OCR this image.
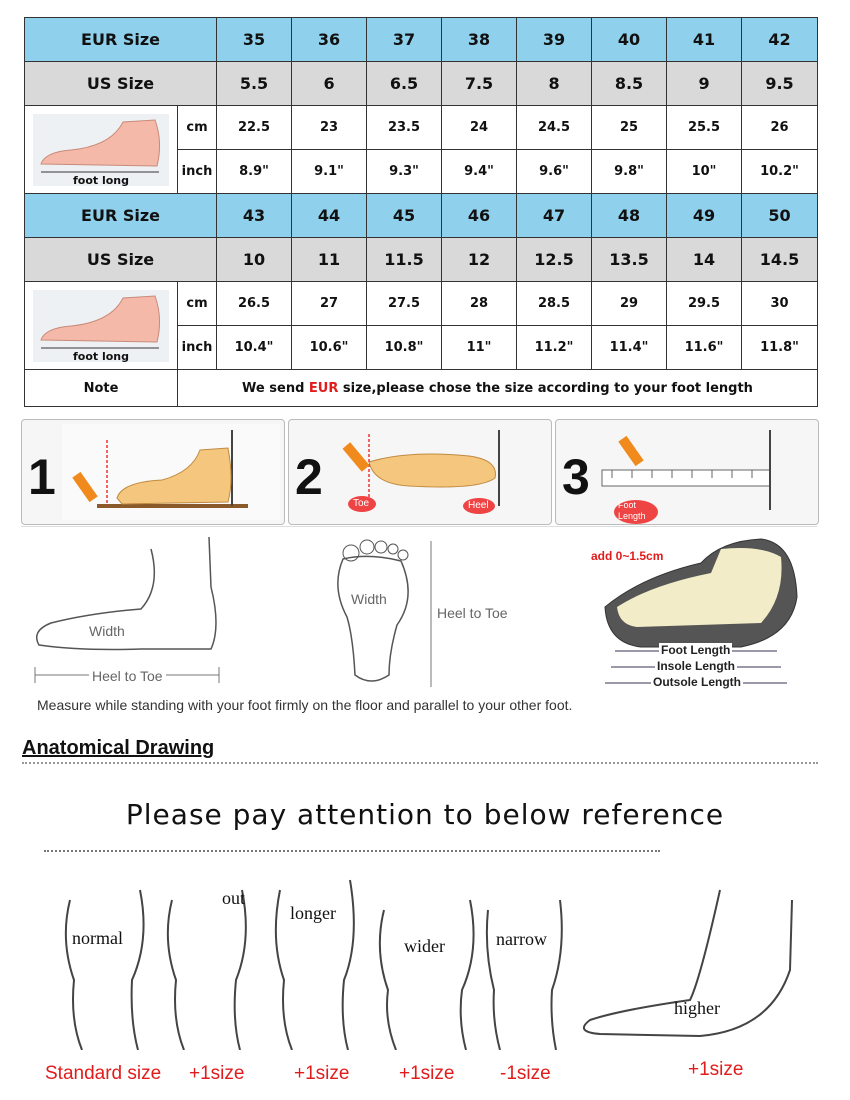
EUR Size		35	36	37	38	39	40	41	42
US Size		5.5	6	6.5	7.5	8	8.5	9	9.5

foot long	cm	22.5	23	23.5	24	24.5	25	25.5	26
	inch	8.9"	9.1"	9.3"	9.4"	9.6"	9.8"	10"	10.2"
EUR Size		43	44	45	46	47	48	49	50
US Size		10	11	11.5	12	12.5	13.5	14	14.5

foot long	cm	26.5	27	27.5	28	28.5	29	29.5	30
	inch	10.4"	10.6"	10.8"	11"	11.2"	11.4"	11.6"	11.8"
Note	We send EUR size,please chose the size according to your foot length								
1	2	Toe	Heel
3	Foot Length
Width
Heel to Toe
Width
Heel to Toe
add 0~1.5cm
Foot Length
Insole Length
Outsole Length
Measure while standing with your foot firmly on the floor and parallel to your other foot.
Anatomical Drawing
Please pay attention to below reference
normal
out
longer
wider	narrow
higher
Standard size +1size	+1size	+1size -1size	+1size
